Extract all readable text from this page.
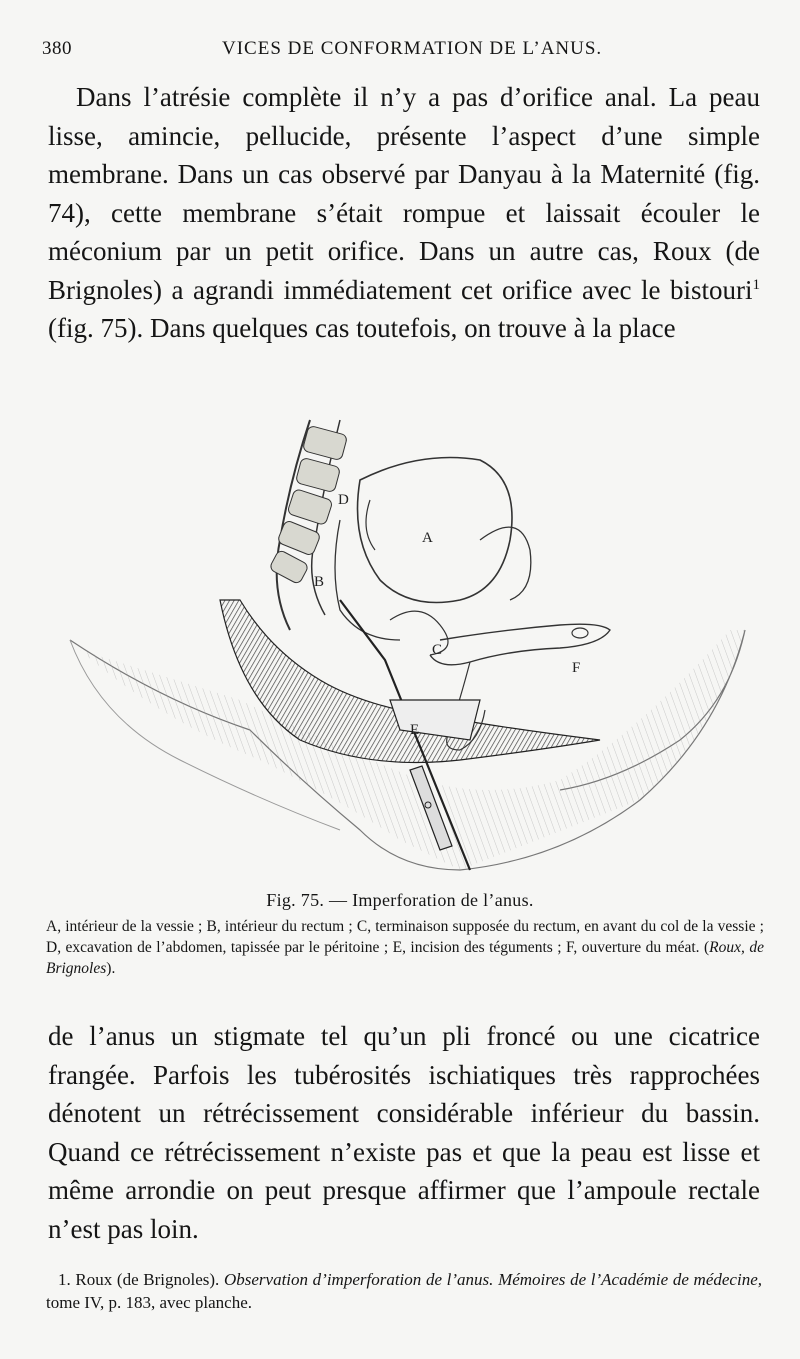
380	VICES DE CONFORMATION DE L’ANUS.

Dans l’atrésie complète il n’y a pas d’orifice anal. La peau lisse, amincie, pellucide, présente l’aspect d’une simple membrane. Dans un cas observé par Danyau à la Maternité (fig. 74), cette membrane s’était rompue et laissait écouler le méconium par un petit orifice. Dans un autre cas, Roux (de Brignoles) a agrandi immédiatement cet orifice avec le bistouri$^1$ (fig. 75). Dans quelques cas toutefois, on trouve à la place

A
B
C
D
E
F
Fig. 75. — Imperforation de l’anus.
A, intérieur de la vessie ; B, intérieur du rectum ; C, terminaison supposée du rectum, en avant du col de la vessie ; D, excavation de l’abdomen, tapissée par le péritoine ; E, incision des téguments ; F, ouverture du méat. (Roux, de Brignoles).

de l’anus un stigmate tel qu’un pli froncé ou une cicatrice frangée. Parfois les tubérosités ischiatiques très rapprochées dénotent un rétrécissement considérable inférieur du bassin. Quand ce rétrécissement n’existe pas et que la peau est lisse et même arrondie on peut presque affirmer que l’ampoule rectale n’est pas loin.

1. Roux (de Brignoles). Observation d’imperforation de l’anus. Mémoires de l’Académie de médecine, tome IV, p. 183, avec planche.
